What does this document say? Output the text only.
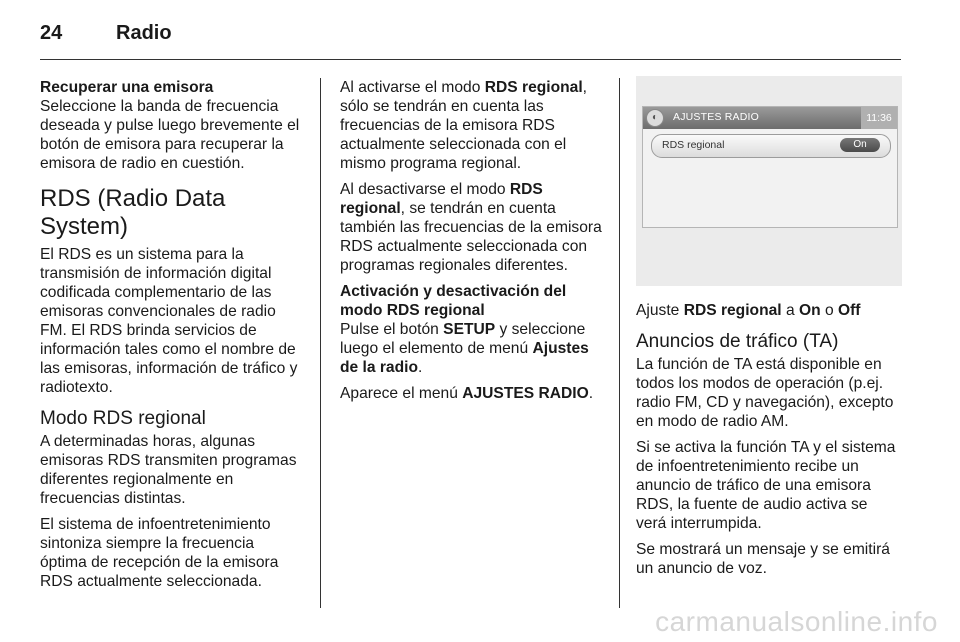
24	Radio

Recuperar una emisora

Seleccione la banda de frecuencia deseada y pulse luego brevemente el botón de emisora para recuperar la emisora de radio en cuestión.

RDS (Radio Data System)

El RDS es un sistema para la transmisión de información digital codificada complementario de las emisoras convencionales de radio FM. El RDS brinda servicios de información tales como el nombre de las emisoras, información de tráfico y radiotexto.

Modo RDS regional

A determinadas horas, algunas emisoras RDS transmiten programas diferentes regionalmente en frecuencias distintas.

El sistema de infoentretenimiento sintoniza siempre la frecuencia óptima de recepción de la emisora RDS actualmente seleccionada.

Al activarse el modo RDS regional, sólo se tendrán en cuenta las frecuencias de la emisora RDS actualmente seleccionada con el mismo programa regional.

Al desactivarse el modo RDS regional, se tendrán en cuenta también las frecuencias de la emisora RDS actualmente seleccionada con programas regionales diferentes.

Activación y desactivación del modo RDS regional

Pulse el botón SETUP y seleccione luego el elemento de menú Ajustes de la radio.

Aparece el menú AJUSTES RADIO.

◐	AJUSTES RADIO	11:36
RDS regional	On
Ajuste RDS regional a On o Off
Anuncios de tráfico (TA)

La función de TA está disponible en todos los modos de operación (p.ej. radio FM, CD y navegación), excepto en modo de radio AM.

Si se activa la función TA y el sistema de infoentretenimiento recibe un anuncio de tráfico de una emisora RDS, la fuente de audio activa se verá interrumpida.

Se mostrará un mensaje y se emitirá un anuncio de voz.

carmanualsonline.info
